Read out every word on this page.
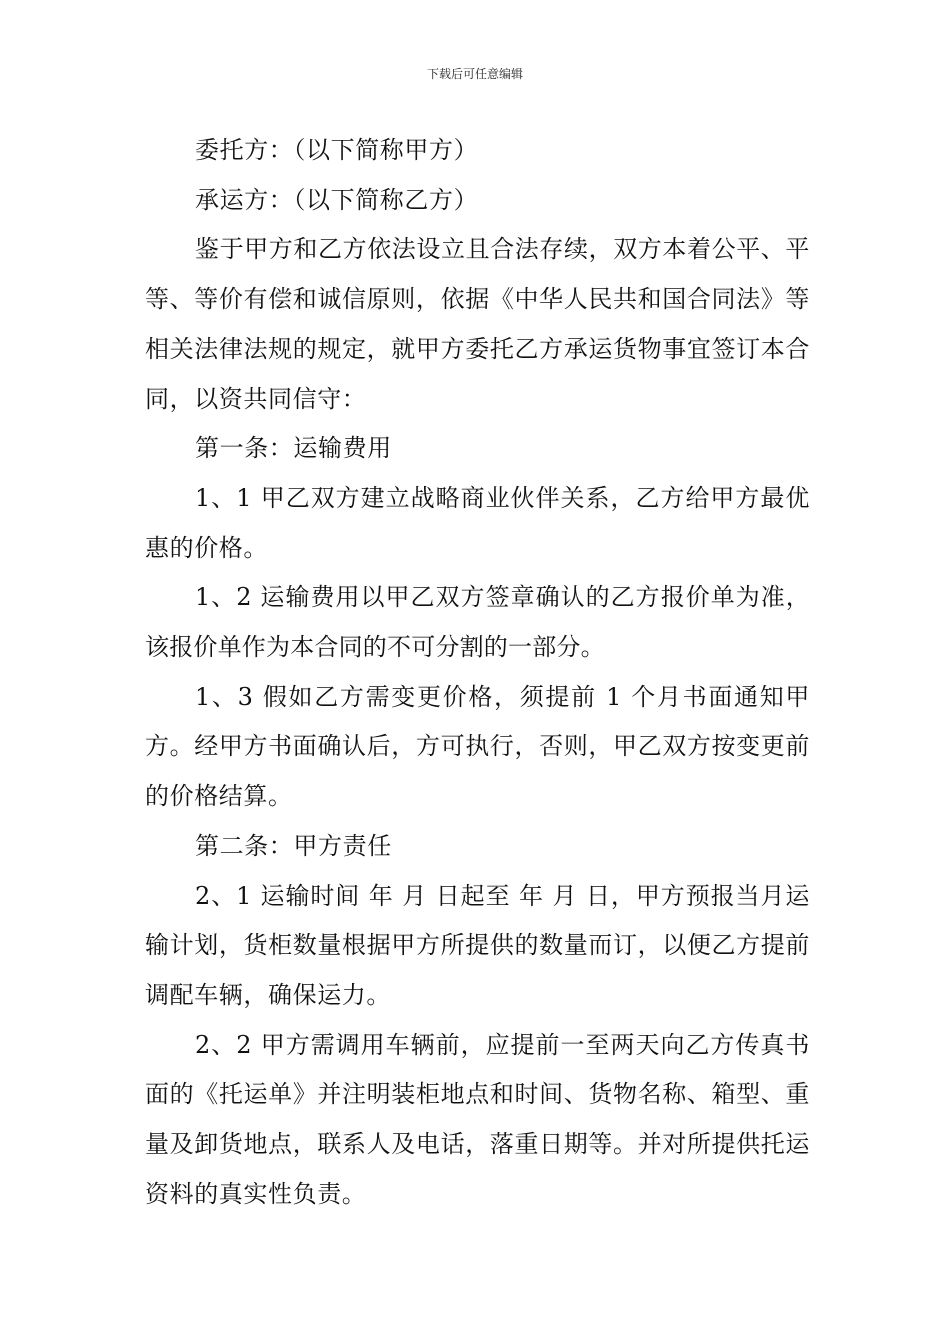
下载后可任意编辑

委托方：（以下简称甲方）

承运方：（以下简称乙方）

鉴于甲方和乙方依法设立且合法存续，双方本着公平、平等、等价有偿和诚信原则，依据《中华人民共和国合同法》等相关法律法规的规定，就甲方委托乙方承运货物事宜签订本合同，以资共同信守：

第一条：运输费用

1、1 甲乙双方建立战略商业伙伴关系，乙方给甲方最优惠的价格。

1、2 运输费用以甲乙双方签章确认的乙方报价单为准，该报价单作为本合同的不可分割的一部分。

1、3 假如乙方需变更价格，须提前 1 个月书面通知甲方。经甲方书面确认后，方可执行，否则，甲乙双方按变更前的价格结算。

第二条：甲方责任

2、1 运输时间 年 月 日起至 年 月 日，甲方预报当月运输计划，货柜数量根据甲方所提供的数量而订，以便乙方提前调配车辆，确保运力。

2、2 甲方需调用车辆前，应提前一至两天向乙方传真书面的《托运单》并注明装柜地点和时间、货物名称、箱型、重量及卸货地点，联系人及电话，落重日期等。并对所提供托运资料的真实性负责。
